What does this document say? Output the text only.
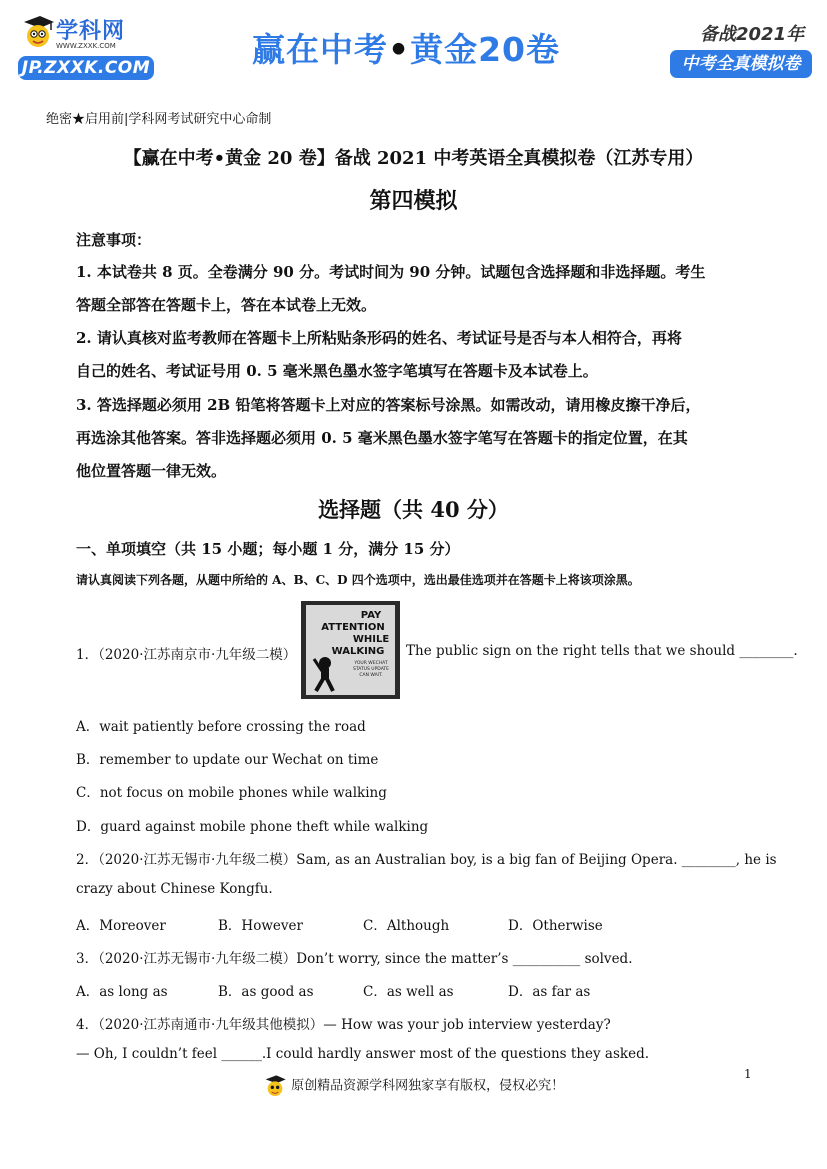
学科网
WWW.ZXXK.COM
JP.ZXXK.COM	赢在中考•黄金20卷	备战2021年
中考全真模拟卷
绝密★启用前|学科网考试研究中心命制
【赢在中考•黄金 20 卷】备战 2021 中考英语全真模拟卷（江苏专用）
第四模拟
注意事项：
1. 本试卷共 8 页。全卷满分 90 分。考试时间为 90 分钟。试题包含选择题和非选择题。考生
答题全部答在答题卡上，答在本试卷上无效。
2. 请认真核对监考教师在答题卡上所粘贴条形码的姓名、考试证号是否与本人相符合，再将
自己的姓名、考试证号用 0. 5 毫米黑色墨水签字笔填写在答题卡及本试卷上。
3. 答选择题必须用 2B 铅笔将答题卡上对应的答案标号涂黑。如需改动，请用橡皮擦干净后，
再选涂其他答案。答非选择题必须用 0. 5 毫米黑色墨水签字笔写在答题卡的指定位置，在其
他位置答题一律无效。
选择题（共 40 分）
一、单项填空（共 15 小题；每小题 1 分，满分 15 分）
请认真阅读下列各题，从题中所给的 A、B、C、D 四个选项中，选出最佳选项并在答题卡上将该项涂黑。
1．（2020·江苏南京市·九年级二模）
PAY
ATTENTION
WHILE
WALKING
YOUR WECHAT
STATUS UPDATE
CAN WAIT.
The public sign on the right tells that we should ________.
A．wait patiently before crossing the road
B．remember to update our Wechat on time
C．not focus on mobile phones while walking
D．guard against mobile phone theft while walking
2．（2020·江苏无锡市·九年级二模）Sam, as an Australian boy, is a big fan of Beijing Opera. ________, he is
crazy about Chinese Kongfu.
A．Moreover	B．However	C．Although	D．Otherwise
3．（2020·江苏无锡市·九年级二模）Don’t worry, since the matter’s __________ solved.
A．as long as	B．as good as	C．as well as	D．as far as
4．（2020·江苏南通市·九年级其他模拟）— How was your job interview yesterday?
— Oh, I couldn’t feel ______.I could hardly answer most of the questions they asked.
原创精品资源学科网独家享有版权，侵权必究！
1
